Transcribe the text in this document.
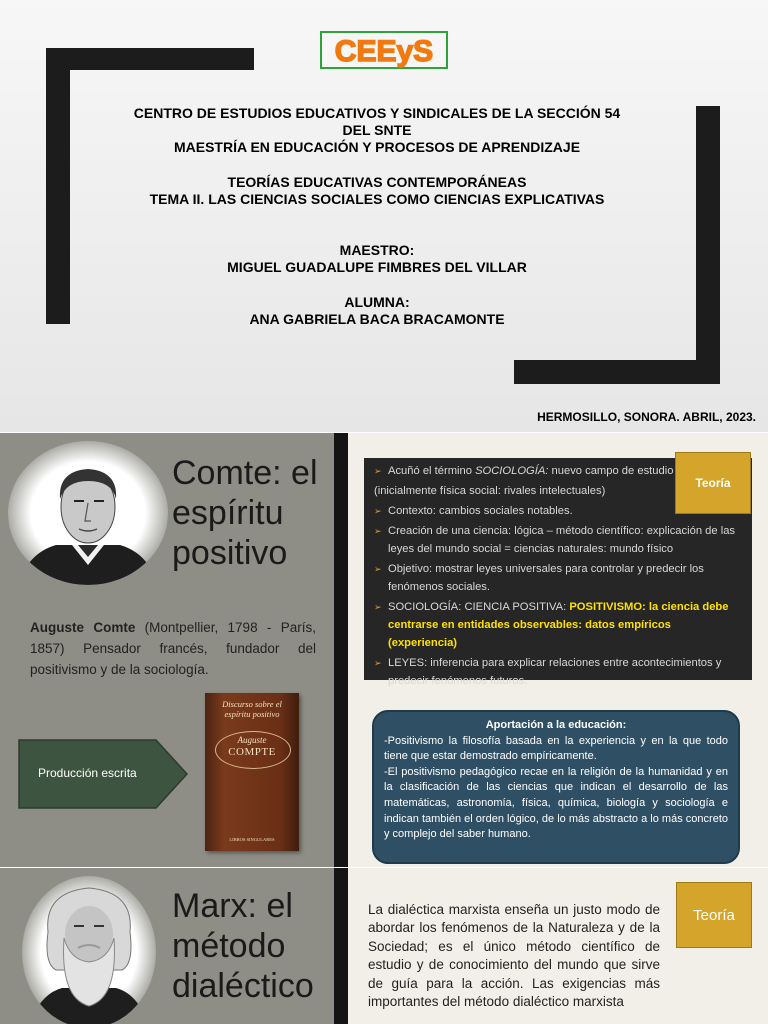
CEEyS
CENTRO DE ESTUDIOS EDUCATIVOS Y SINDICALES DE LA SECCIÓN 54
DEL SNTE
MAESTRÍA EN EDUCACIÓN Y PROCESOS DE APRENDIZAJE
TEORÍAS EDUCATIVAS CONTEMPORÁNEAS
TEMA II. LAS CIENCIAS SOCIALES COMO CIENCIAS EXPLICATIVAS
MAESTRO:
MIGUEL GUADALUPE FIMBRES DEL VILLAR
ALUMNA:
ANA GABRIELA BACA BRACAMONTE
HERMOSILLO, SONORA. ABRIL, 2023.
Comte: el espíritu positivo
Auguste Comte (Montpellier, 1798 - París, 1857) Pensador francés, fundador del positivismo y de la sociología.
Producción escrita
Discurso sobre el espíritu positivo
Auguste
COMPTE
LIBROS SINGULARES
➢ Acuñó el término SOCIOLOGÍA: nuevo campo de estudio
(inicialmente física social: rivales intelectuales)
➢ Contexto: cambios sociales notables.
➢ Creación de una ciencia: lógica – método científico: explicación de las leyes del mundo social = ciencias naturales: mundo físico
➢ Objetivo: mostrar leyes universales para controlar y predecir los fenómenos sociales.
➢ SOCIOLOGÍA: CIENCIA POSITIVA: POSITIVISMO: la ciencia debe centrarse en entidades observables: datos empíricos (experiencia)
➢ LEYES: inferencia para explicar relaciones entre acontecimientos y predecir fenómenos futuros.
Teoría
Aportación a la educación:
-Positivismo la filosofía basada en la experiencia y en la que todo tiene que estar demostrado empíricamente.
-El positivismo pedagógico recae en la religión de la humanidad y en la clasificación de las ciencias que indican el desarrollo de las matemáticas, astronomía, física, química, biología y sociología e indican también el orden lógico, de lo más abstracto a lo más concreto y complejo del saber humano.
Marx: el método dialéctico
La dialéctica marxista enseña un justo modo de abordar los fenómenos de la Naturaleza y de la Sociedad; es el único método científico de estudio y de conocimiento del mundo que sirve de guía para la acción. Las exigencias más importantes del método dialéctico marxista
Teoría
